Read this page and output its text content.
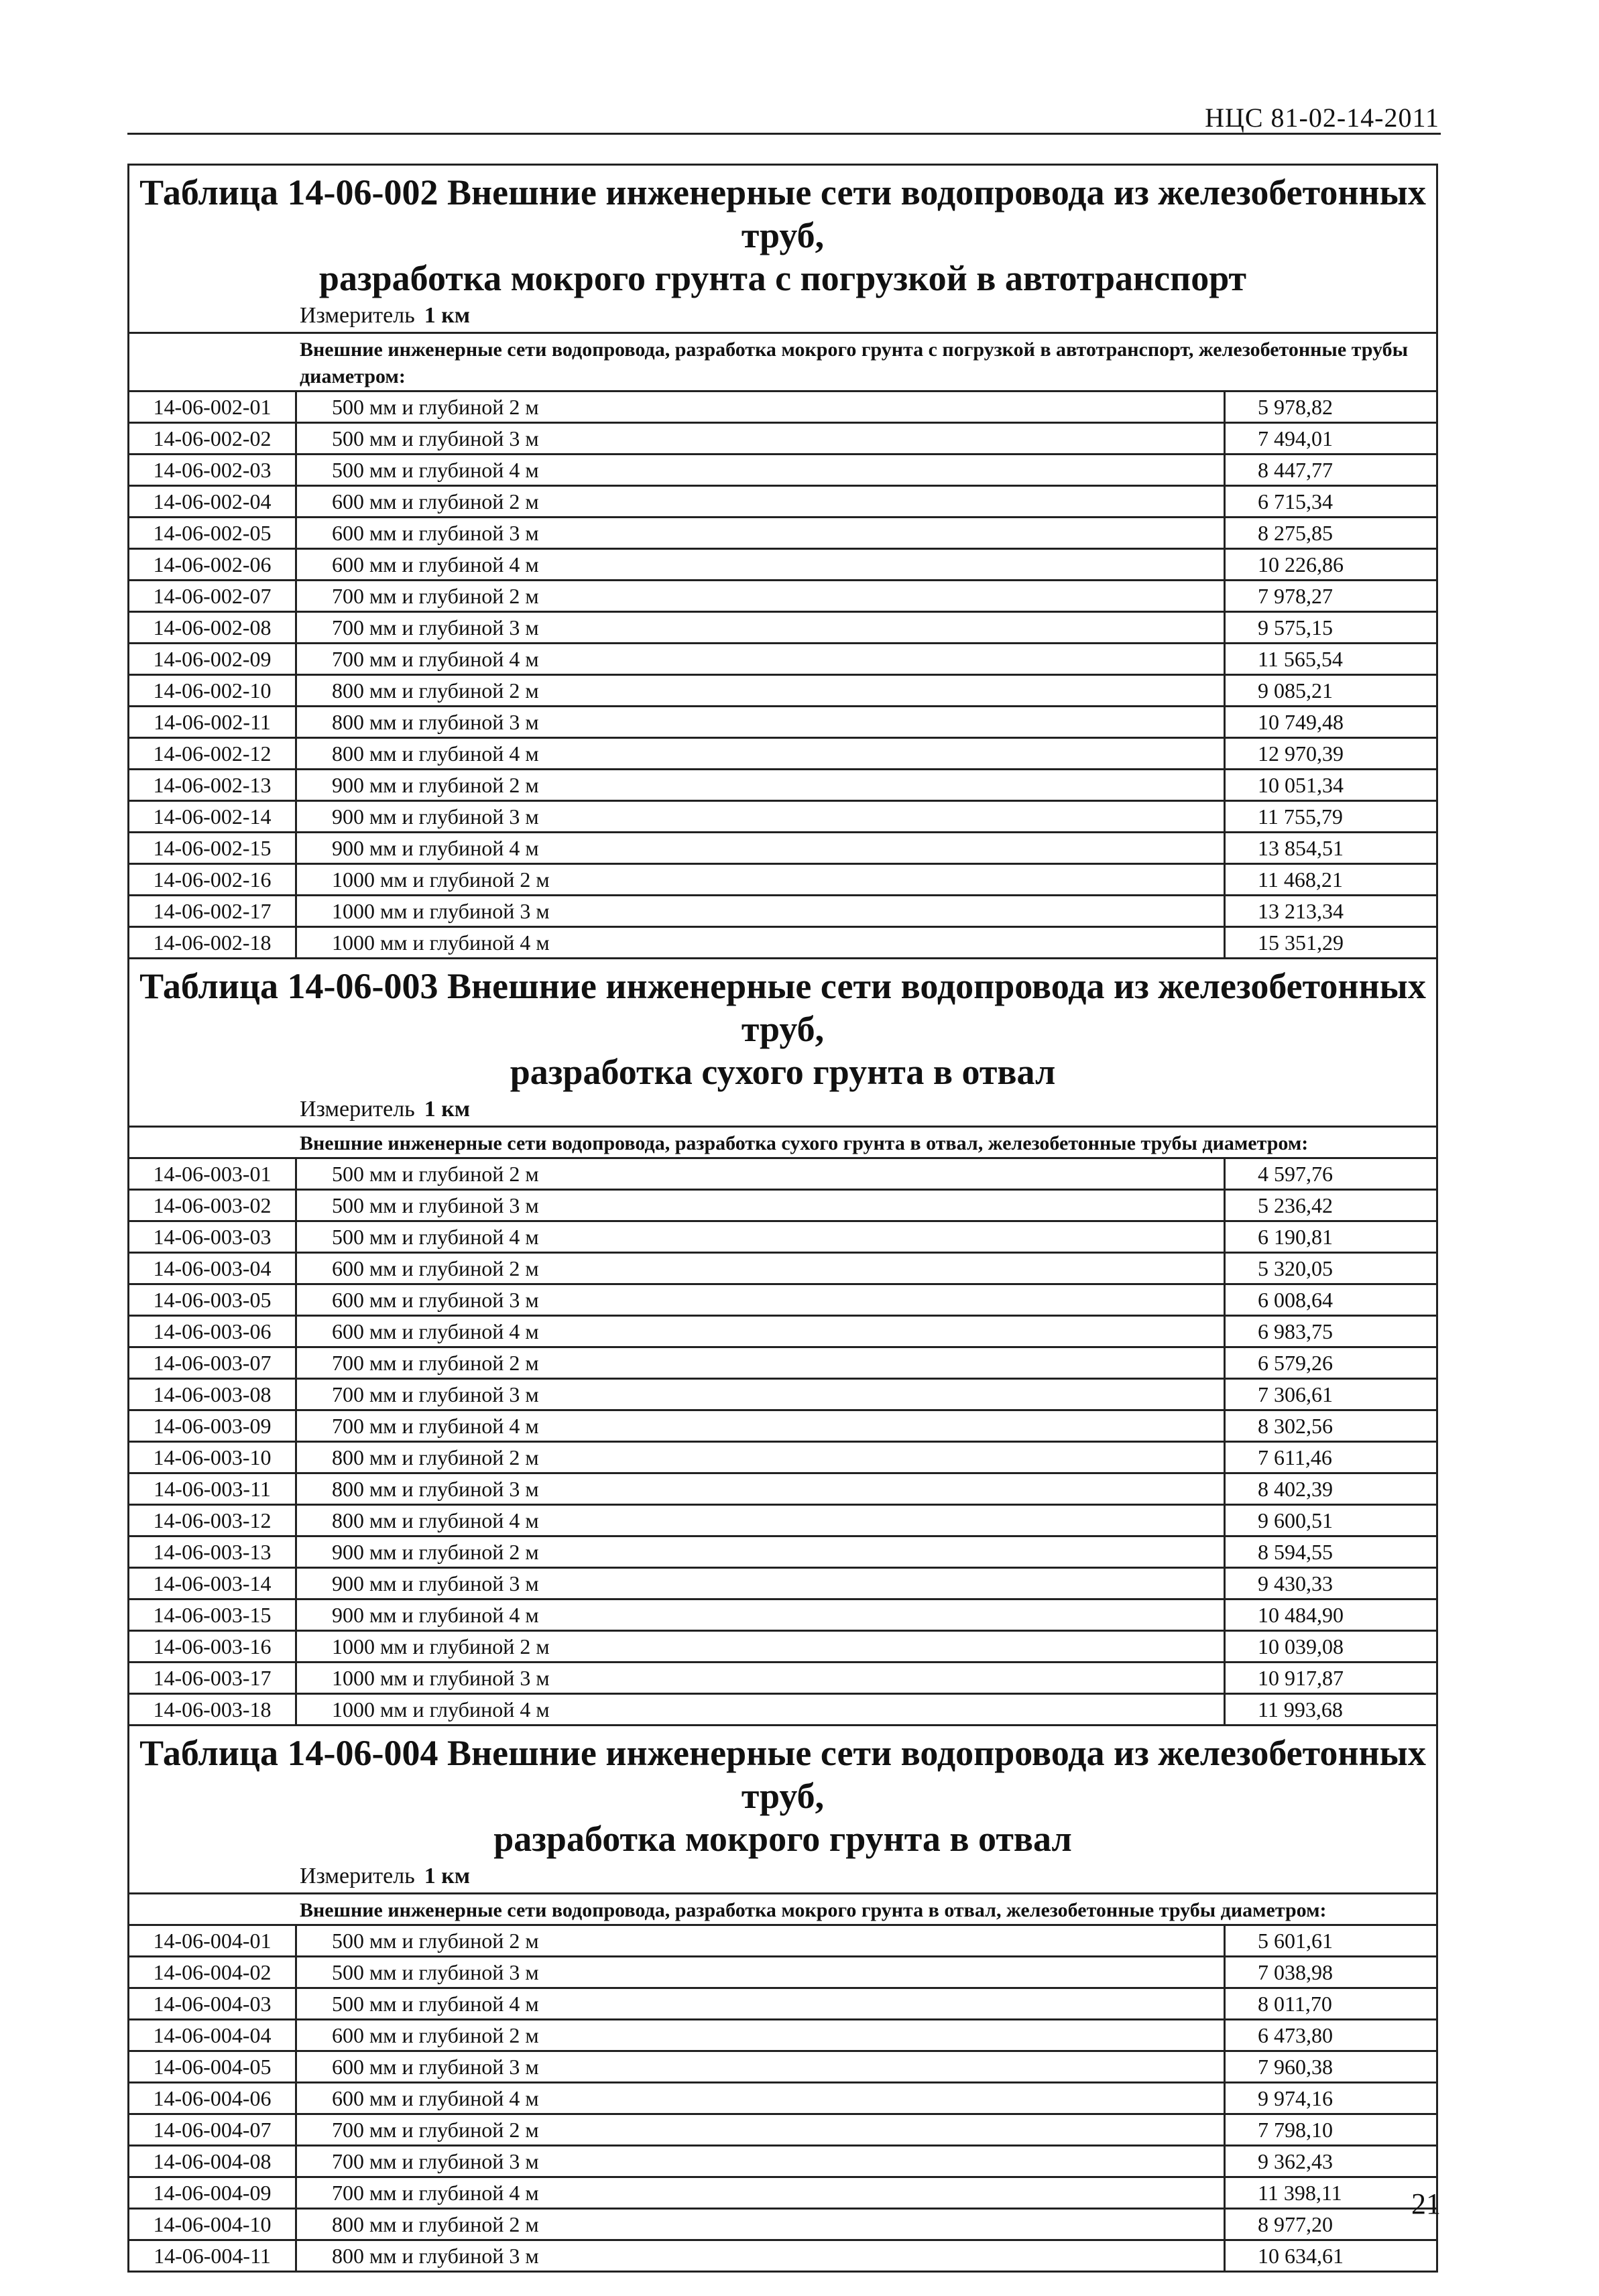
НЦС 81-02-14-2011
Таблица 14-06-002 Внешние инженерные сети водопровода из железобетонных труб,
разработка мокрого грунта с погрузкой в автотранспорт
Измеритель 1 км
Внешние инженерные сети водопровода, разработка мокрого грунта с погрузкой в автотранспорт, железобетонные трубы диаметром:
14-06-002-01	500 мм и глубиной 2 м	5 978,82
14-06-002-02	500 мм и глубиной 3 м	7 494,01
14-06-002-03	500 мм и глубиной 4 м	8 447,77
14-06-002-04	600 мм и глубиной 2 м	6 715,34
14-06-002-05	600 мм и глубиной 3 м	8 275,85
14-06-002-06	600 мм и глубиной 4 м	10 226,86
14-06-002-07	700 мм и глубиной 2 м	7 978,27
14-06-002-08	700 мм и глубиной 3 м	9 575,15
14-06-002-09	700 мм и глубиной 4 м	11 565,54
14-06-002-10	800 мм и глубиной 2 м	9 085,21
14-06-002-11	800 мм и глубиной 3 м	10 749,48
14-06-002-12	800 мм и глубиной 4 м	12 970,39
14-06-002-13	900 мм и глубиной 2 м	10 051,34
14-06-002-14	900 мм и глубиной 3 м	11 755,79
14-06-002-15	900 мм и глубиной 4 м	13 854,51
14-06-002-16	1000 мм и глубиной 2 м	11 468,21
14-06-002-17	1000 мм и глубиной 3 м	13 213,34
14-06-002-18	1000 мм и глубиной 4 м	15 351,29
Таблица 14-06-003 Внешние инженерные сети водопровода из железобетонных труб,
разработка сухого грунта в отвал
Измеритель 1 км
Внешние инженерные сети водопровода, разработка сухого грунта в отвал, железобетонные трубы диаметром:
14-06-003-01	500 мм и глубиной 2 м	4 597,76
14-06-003-02	500 мм и глубиной 3 м	5 236,42
14-06-003-03	500 мм и глубиной 4 м	6 190,81
14-06-003-04	600 мм и глубиной 2 м	5 320,05
14-06-003-05	600 мм и глубиной 3 м	6 008,64
14-06-003-06	600 мм и глубиной 4 м	6 983,75
14-06-003-07	700 мм и глубиной 2 м	6 579,26
14-06-003-08	700 мм и глубиной 3 м	7 306,61
14-06-003-09	700 мм и глубиной 4 м	8 302,56
14-06-003-10	800 мм и глубиной 2 м	7 611,46
14-06-003-11	800 мм и глубиной 3 м	8 402,39
14-06-003-12	800 мм и глубиной 4 м	9 600,51
14-06-003-13	900 мм и глубиной 2 м	8 594,55
14-06-003-14	900 мм и глубиной 3 м	9 430,33
14-06-003-15	900 мм и глубиной 4 м	10 484,90
14-06-003-16	1000 мм и глубиной 2 м	10 039,08
14-06-003-17	1000 мм и глубиной 3 м	10 917,87
14-06-003-18	1000 мм и глубиной 4 м	11 993,68
Таблица 14-06-004 Внешние инженерные сети водопровода из железобетонных труб,
разработка мокрого грунта в отвал
Измеритель 1 км
Внешние инженерные сети водопровода, разработка мокрого грунта в отвал, железобетонные трубы диаметром:
14-06-004-01	500 мм и глубиной 2 м	5 601,61
14-06-004-02	500 мм и глубиной 3 м	7 038,98
14-06-004-03	500 мм и глубиной 4 м	8 011,70
14-06-004-04	600 мм и глубиной 2 м	6 473,80
14-06-004-05	600 мм и глубиной 3 м	7 960,38
14-06-004-06	600 мм и глубиной 4 м	9 974,16
14-06-004-07	700 мм и глубиной 2 м	7 798,10
14-06-004-08	700 мм и глубиной 3 м	9 362,43
14-06-004-09	700 мм и глубиной 4 м	11 398,11
14-06-004-10	800 мм и глубиной 2 м	8 977,20
14-06-004-11	800 мм и глубиной 3 м	10 634,61
21
